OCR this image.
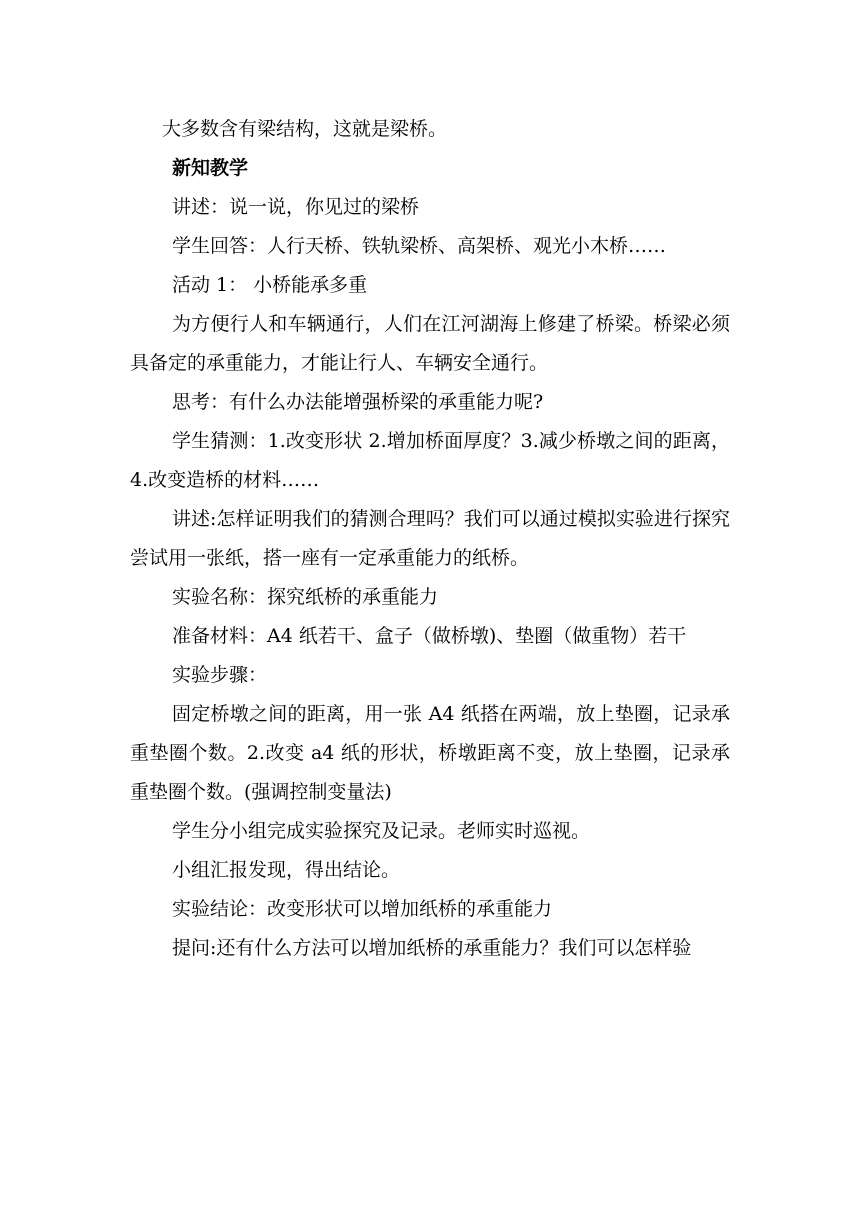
大多数含有梁结构，这就是梁桥。

新知教学

讲述：说一说，你见过的梁桥

学生回答：人行天桥、铁轨梁桥、高架桥、观光小木桥……

活动 1： 小桥能承多重

为方便行人和车辆通行，人们在江河湖海上修建了桥梁。桥梁必须具备定的承重能力，才能让行人、车辆安全通行。

思考：有什么办法能增强桥梁的承重能力呢?

学生猜测：1.改变形状 2.增加桥面厚度？3.减少桥墩之间的距离，4.改变造桥的材料……

讲述:怎样证明我们的猜测合理吗？我们可以通过模拟实验进行探究尝试用一张纸，搭一座有一定承重能力的纸桥。

实验名称：探究纸桥的承重能力

准备材料：A4 纸若干、盒子（做桥墩)、垫圈（做重物）若干

实验步骤：

固定桥墩之间的距离，用一张 A4 纸搭在两端，放上垫圈，记录承重垫圈个数。2.改变 a4 纸的形状，桥墩距离不变，放上垫圈，记录承重垫圈个数。(强调控制变量法)

学生分小组完成实验探究及记录。老师实时巡视。

小组汇报发现，得出结论。

实验结论：改变形状可以增加纸桥的承重能力

提问:还有什么方法可以增加纸桥的承重能力？我们可以怎样验
